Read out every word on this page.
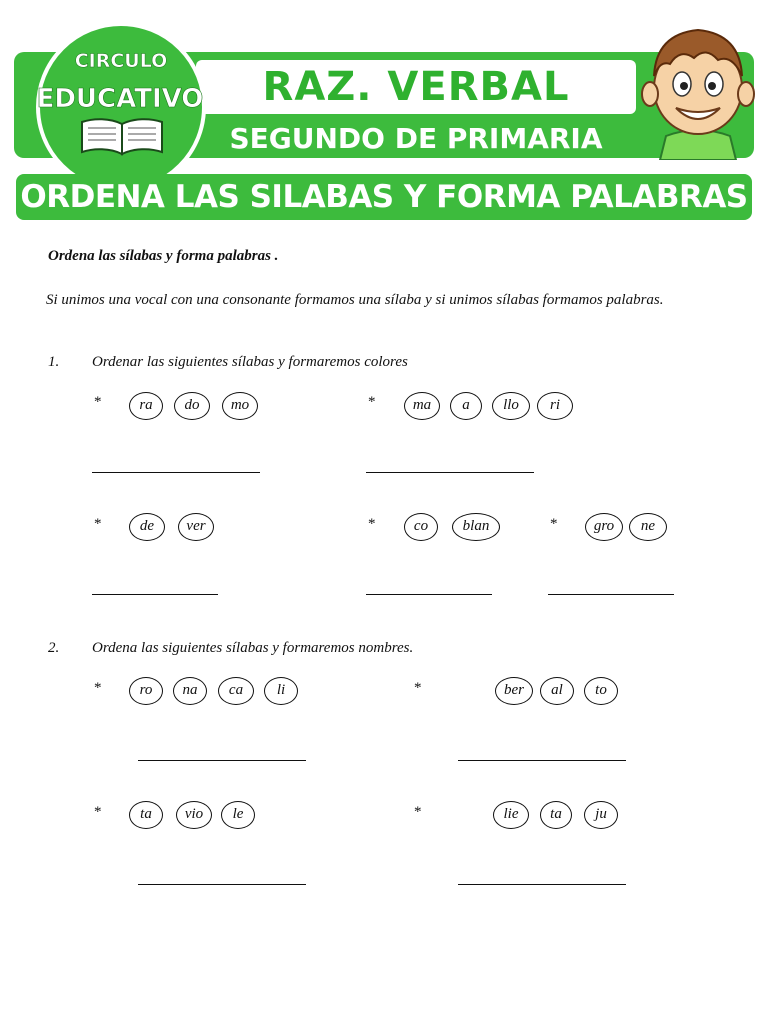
RAZ. VERBAL
SEGUNDO DE PRIMARIA
CIRCULO
EDUCATIVO
ORDENA LAS SILABAS Y FORMA PALABRAS
Ordena las sílabas y forma palabras .
Si unimos una vocal con una consonante formamos una sílaba y si unimos sílabas formamos palabras.
1. Ordenar las siguientes sílabas y formaremos colores
*	ra	do	mo	*	ma	a	llo	ri
*	de	ver	*	co	blan	*	gro	ne
2. Ordena las siguientes sílabas y formaremos nombres.
*	ro	na	ca	li	*	ber	al	to
*	ta	vio	le	*	lie	ta	ju
